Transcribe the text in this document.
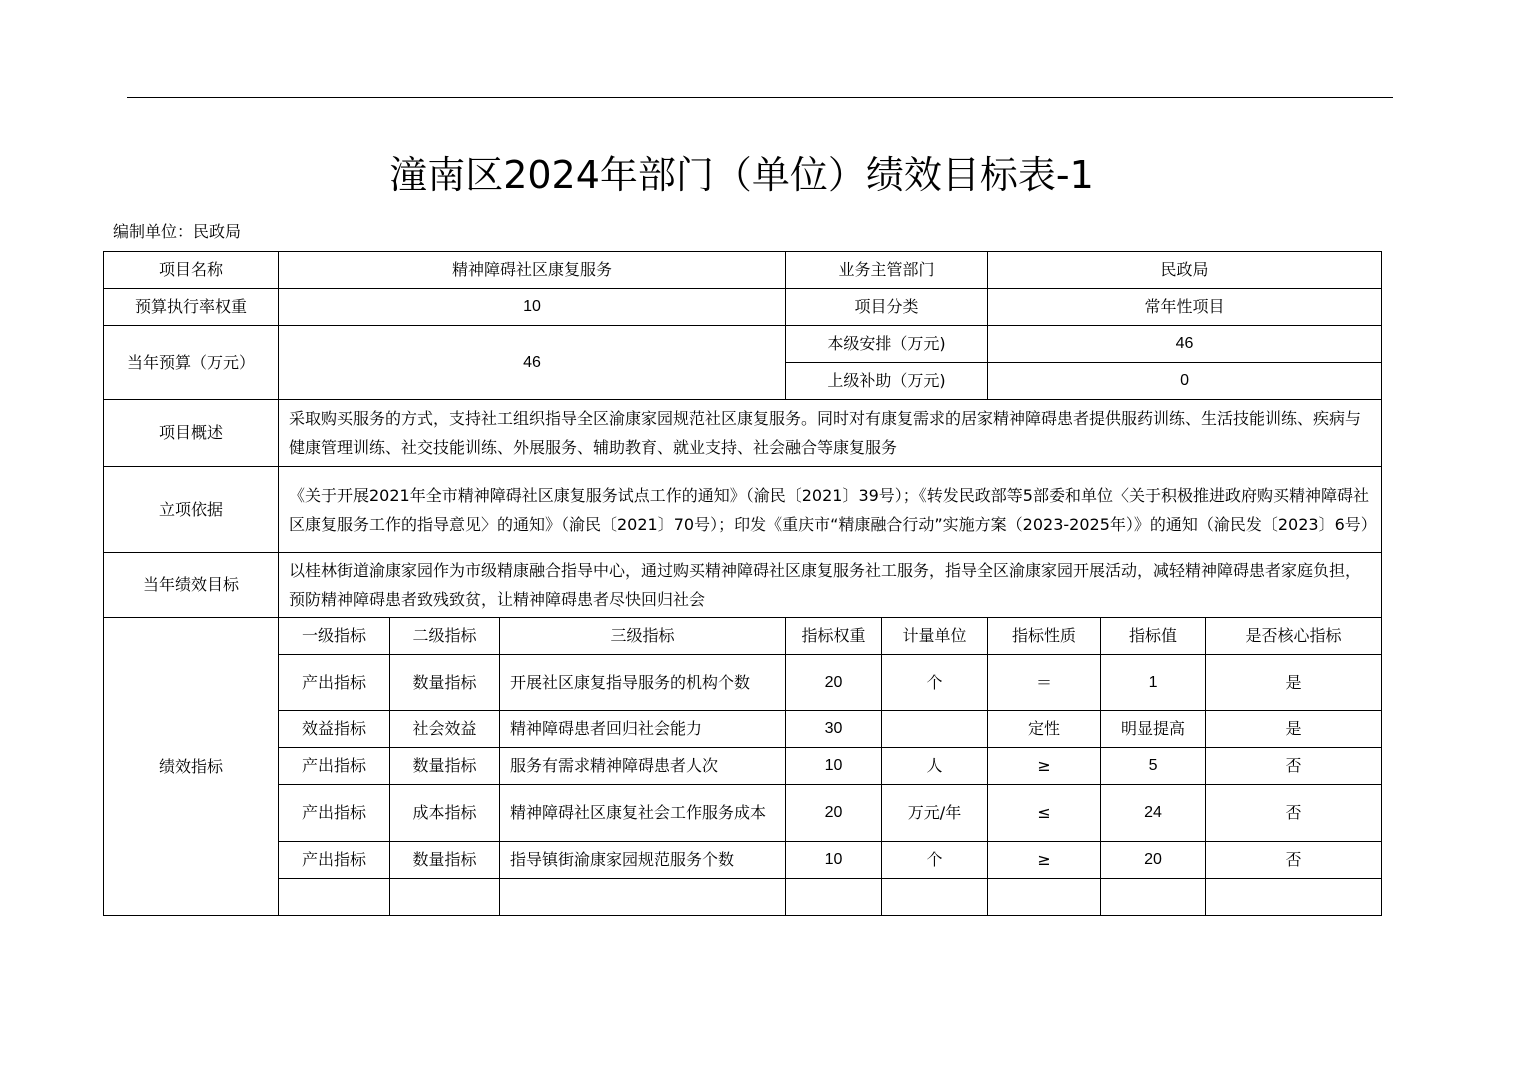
潼南区2024年部门（单位）绩效目标表-1
编制单位：民政局
项目名称	精神障碍社区康复服务			业务主管部门		民政局		
预算执行率权重	10			项目分类		常年性项目		
当年预算（万元）	46			本级安排（万元)		46		
				上级补助（万元)		0		
项目概述	采取购买服务的方式，支持社工组织指导全区渝康家园规范社区康复服务。同时对有康复需求的居家精神障碍患者提供服药训练、生活技能训练、疾病与健康管理训练、社交技能训练、外展服务、辅助教育、就业支持、社会融合等康复服务							
立项依据	《关于开展2021年全市精神障碍社区康复服务试点工作的通知》（渝民〔2021〕39号）；《转发民政部等5部委和单位〈关于积极推进政府购买精神障碍社区康复服务工作的指导意见〉的通知》（渝民〔2021〕70号）；印发《重庆市“精康融合行动”实施方案（2023-2025年）》的通知（渝民发〔2023〕6号）							
当年绩效目标	以桂林街道渝康家园作为市级精康融合指导中心，通过购买精神障碍社区康复服务社工服务，指导全区渝康家园开展活动，减轻精神障碍患者家庭负担，预防精神障碍患者致残致贫，让精神障碍患者尽快回归社会							
绩效指标	一级指标	二级指标	三级指标	指标权重	计量单位	指标性质	指标值	是否核心指标
	产出指标	数量指标	开展社区康复指导服务的机构个数	20	个	＝	1	是
	效益指标	社会效益	精神障碍患者回归社会能力	30		定性	明显提高	是
	产出指标	数量指标	服务有需求精神障碍患者人次	10	人	≥	5	否
	产出指标	成本指标	精神障碍社区康复社会工作服务成本	20	万元/年	≤	24	否
	产出指标	数量指标	指导镇街渝康家园规范服务个数	10	个	≥	20	否
